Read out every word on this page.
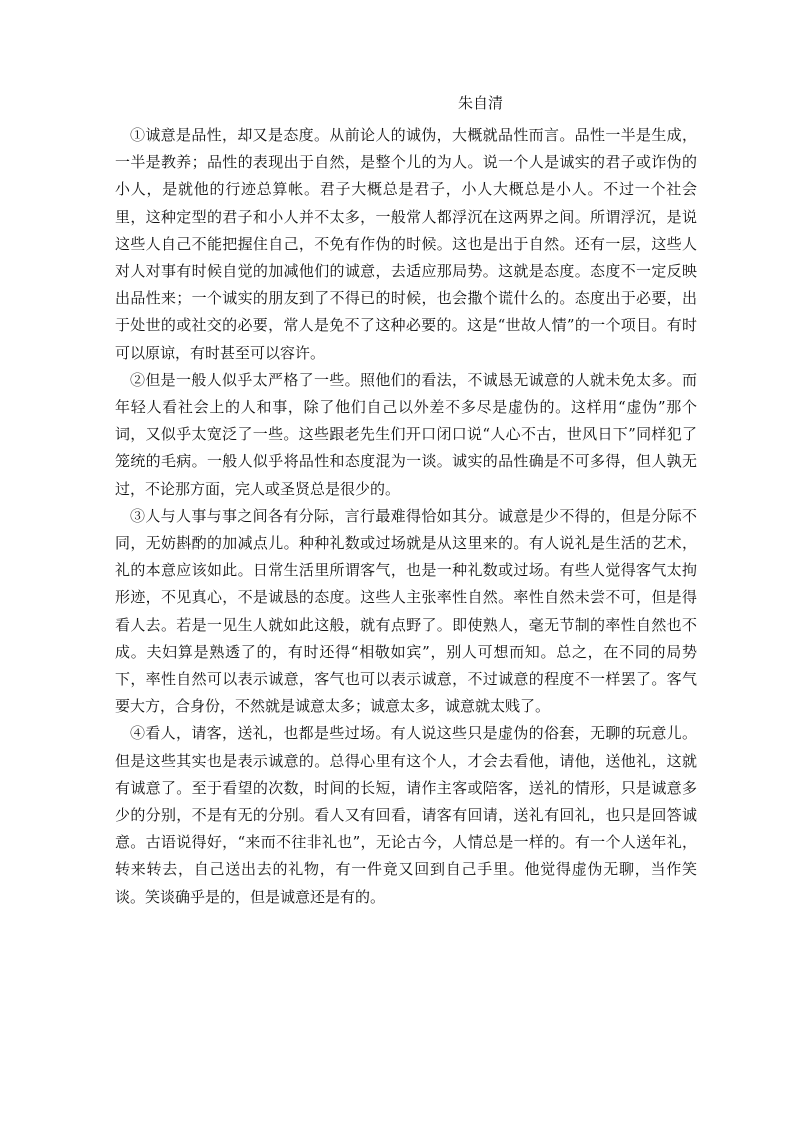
朱自清

①诚意是品性，却又是态度。从前论人的诚伪，大概就品性而言。品性一半是生成，一半是教养；品性的表现出于自然，是整个儿的为人。说一个人是诚实的君子或诈伪的小人，是就他的行迹总算帐。君子大概总是君子，小人大概总是小人。不过一个社会里，这种定型的君子和小人并不太多，一般常人都浮沉在这两界之间。所谓浮沉，是说这些人自己不能把握住自己，不免有作伪的时候。这也是出于自然。还有一层，这些人对人对事有时候自觉的加减他们的诚意，去适应那局势。这就是态度。态度不一定反映出品性来；一个诚实的朋友到了不得已的时候，也会撒个谎什么的。态度出于必要，出于处世的或社交的必要，常人是免不了这种必要的。这是“世故人情”的一个项目。有时可以原谅，有时甚至可以容许。

②但是一般人似乎太严格了一些。照他们的看法，不诚恳无诚意的人就未免太多。而年轻人看社会上的人和事，除了他们自己以外差不多尽是虚伪的。这样用“虚伪”那个词，又似乎太宽泛了一些。这些跟老先生们开口闭口说“人心不古，世风日下”同样犯了笼统的毛病。一般人似乎将品性和态度混为一谈。诚实的品性确是不可多得，但人孰无过，不论那方面，完人或圣贤总是很少的。

③人与人事与事之间各有分际，言行最难得恰如其分。诚意是少不得的，但是分际不同，无妨斟酌的加减点儿。种种礼数或过场就是从这里来的。有人说礼是生活的艺术，礼的本意应该如此。日常生活里所谓客气，也是一种礼数或过场。有些人觉得客气太拘形迹，不见真心，不是诚恳的态度。这些人主张率性自然。率性自然未尝不可，但是得看人去。若是一见生人就如此这般，就有点野了。即使熟人，毫无节制的率性自然也不成。夫妇算是熟透了的，有时还得“相敬如宾”，别人可想而知。总之，在不同的局势下，率性自然可以表示诚意，客气也可以表示诚意，不过诚意的程度不一样罢了。客气要大方，合身份，不然就是诚意太多；诚意太多，诚意就太贱了。

④看人，请客，送礼，也都是些过场。有人说这些只是虚伪的俗套，无聊的玩意儿。但是这些其实也是表示诚意的。总得心里有这个人，才会去看他，请他，送他礼，这就有诚意了。至于看望的次数，时间的长短，请作主客或陪客，送礼的情形，只是诚意多少的分别，不是有无的分别。看人又有回看，请客有回请，送礼有回礼，也只是回答诚意。古语说得好，“来而不往非礼也”，无论古今，人情总是一样的。有一个人送年礼，转来转去，自己送出去的礼物，有一件竟又回到自己手里。他觉得虚伪无聊，当作笑谈。笑谈确乎是的，但是诚意还是有的。
